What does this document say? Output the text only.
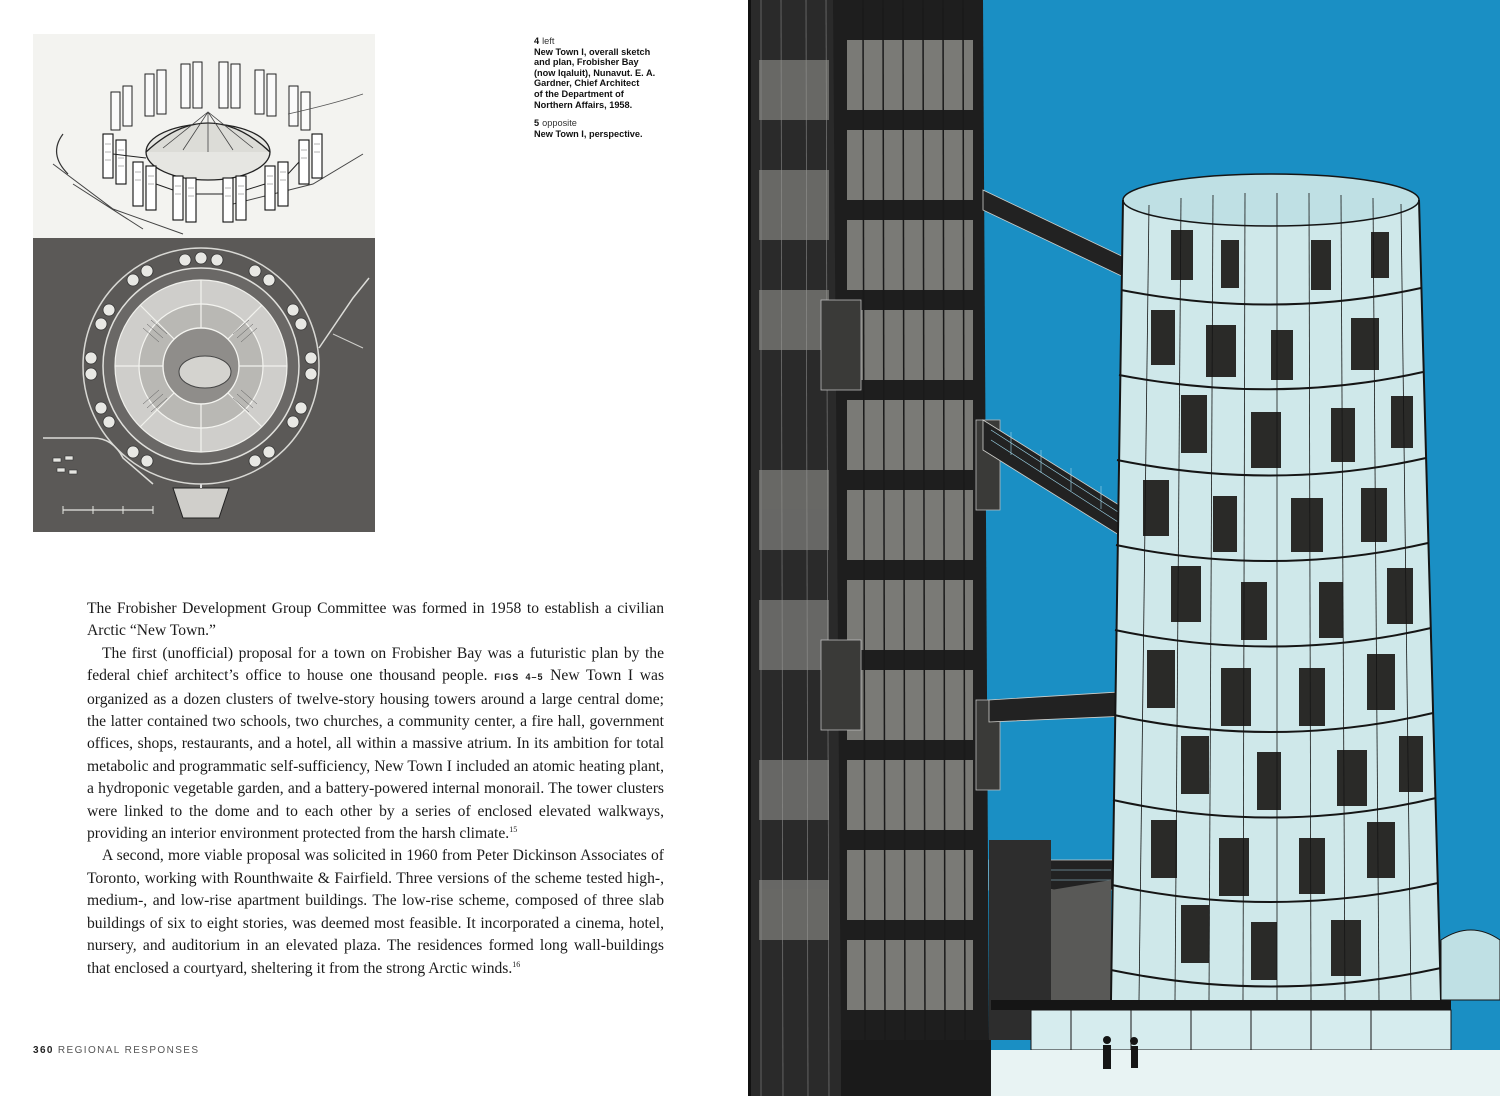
4 left

New Town I, overall sketch
and plan, Frobisher Bay
(now Iqaluit), Nunavut. E. A.
Gardner, Chief Architect
of the Department of
Northern Affairs, 1958.

5 opposite

New Town I, perspective.

The Frobisher Development Group Committee was formed in 1958 to establish a civilian Arctic “New Town.”

The first (unofficial) proposal for a town on Frobisher Bay was a futuristic plan by the federal chief architect’s office to house one thousand people. FIGS 4–5 New Town I was organized as a dozen clusters of twelve-story housing towers around a large central dome; the latter contained two schools, two churches, a community center, a fire hall, government offices, shops, restaurants, and a hotel, all within a massive atrium. In its ambition for total metabolic and programmatic self-sufficiency, New Town I included an atomic heating plant, a hydroponic vegetable garden, and a battery-powered internal monorail. The tower clusters were linked to the dome and to each other by a series of enclosed elevated walkways, providing an interior environment protected from the harsh climate.$^{15}$

A second, more viable proposal was solicited in 1960 from Peter Dickinson Associates of Toronto, working with Rounthwaite & Fairfield. Three versions of the scheme tested high-, medium-, and low-rise apartment buildings. The low-rise scheme, composed of three slab buildings of six to eight stories, was deemed most feasible. It incorporated a cinema, hotel, nursery, and auditorium in an elevated plaza. The residences formed long wall-buildings that enclosed a courtyard, sheltering it from the strong Arctic winds.$^{16}$

360 REGIONAL RESPONSES
